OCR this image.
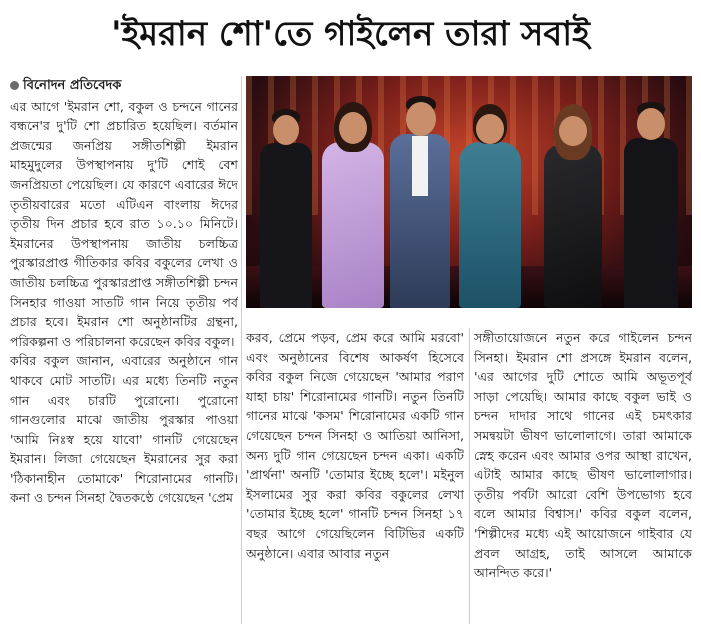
'ইমরান শো'তে গাইলেন তারা সবাই
বিনোদন প্রতিবেদক

এর আগে 'ইমরান শো, বকুল ও চন্দনে গানের বন্ধনে'র দু'টি শো প্রচারিত হয়েছিল। বর্তমান প্রজন্মের জনপ্রিয় সঙ্গীতশিল্পী ইমরান মাহমুদুলের উপস্থাপনায় দু'টি শোই বেশ জনপ্রিয়তা পেয়েছিল। যে কারণে এবারের ঈদে তৃতীয়বারের মতো এটিএন বাংলায় ঈদের তৃতীয় দিন প্রচার হবে রাত ১০.১০ মিনিটে। ইমরানের উপস্থাপনায় জাতীয় চলচ্চিত্র পুরস্কারপ্রাপ্ত গীতিকার কবির বকুলের লেখা ও জাতীয় চলচ্চিত্র পুরস্কারপ্রাপ্ত সঙ্গীতশিল্পী চন্দন সিনহার গাওয়া সাতটি গান নিয়ে তৃতীয় পর্ব প্রচার হবে। ইমরান শো অনুষ্ঠানটির গ্রন্থনা, পরিকল্পনা ও পরিচালনা করেছেন কবির বকুল।

কবির বকুল জানান, এবারের অনুষ্ঠানে গান থাকবে মোট সাতটি। এর মধ্যে তিনটি নতুন গান এবং চারটি পুরোনো। পুরোনো গানগুলোর মাঝে জাতীয় পুরস্কার পাওয়া 'আমি নিঃস্ব হয়ে যাবো' গানটি গেয়েছেন ইমরান। লিজা গেয়েছেন ইমরানের সুর করা 'ঠিকানাহীন তোমাকে' শিরোনামের গানটি। কনা ও চন্দন সিনহা দ্বৈতকণ্ঠে গেয়েছেন 'প্রেম

করব, প্রেমে পড়ব, প্রেম করে আমি মরবো' এবং অনুষ্ঠানের বিশেষ আকর্ষণ হিসেবে কবির বকুল নিজে গেয়েছেন 'আমার পরাণ যাহা চায়' শিরোনামের গানটি। নতুন তিনটি গানের মাঝে 'কসম' শিরোনামের একটি গান গেয়েছেন চন্দন সিনহা ও আতিয়া আনিসা, অন্য দুটি গান গেয়েছেন চন্দন একা। একটি 'প্রার্থনা' অনটি 'তোমার ইচ্ছে হলে'। মইনুল ইসলামের সুর করা কবির বকুলের লেখা 'তোমার ইচ্ছে হলে' গানটি চন্দন সিনহা ১৭ বছর আগে গেয়েছিলেন বিটিভির একটি অনুষ্ঠানে। এবার আবার নতুন

সঙ্গীতায়োজনে নতুন করে গাইলেন চন্দন সিনহা। ইমরান শো প্রসঙ্গে ইমরান বলেন, 'এর আগের দুটি শোতে আমি অভূতপূর্ব সাড়া পেয়েছি। আমার কাছে বকুল ভাই ও চন্দন দাদার সাথে গানের এই চমৎকার সমন্বয়টা ভীষণ ভালোলাগে। তারা আমাকে স্নেহ করেন এবং আমার ওপর আস্থা রাখেন, এটাই আমার কাছে ভীষণ ভালোলাগার। তৃতীয় পর্বটা আরো বেশি উপভোগ্য হবে বলে আমার বিশ্বাস।' কবির বকুল বলেন, 'শিল্পীদের মধ্যে এই আয়োজনে গাইবার যে প্রবল আগ্রহ, তাই আসলে আমাকে আনন্দিত করে।'
